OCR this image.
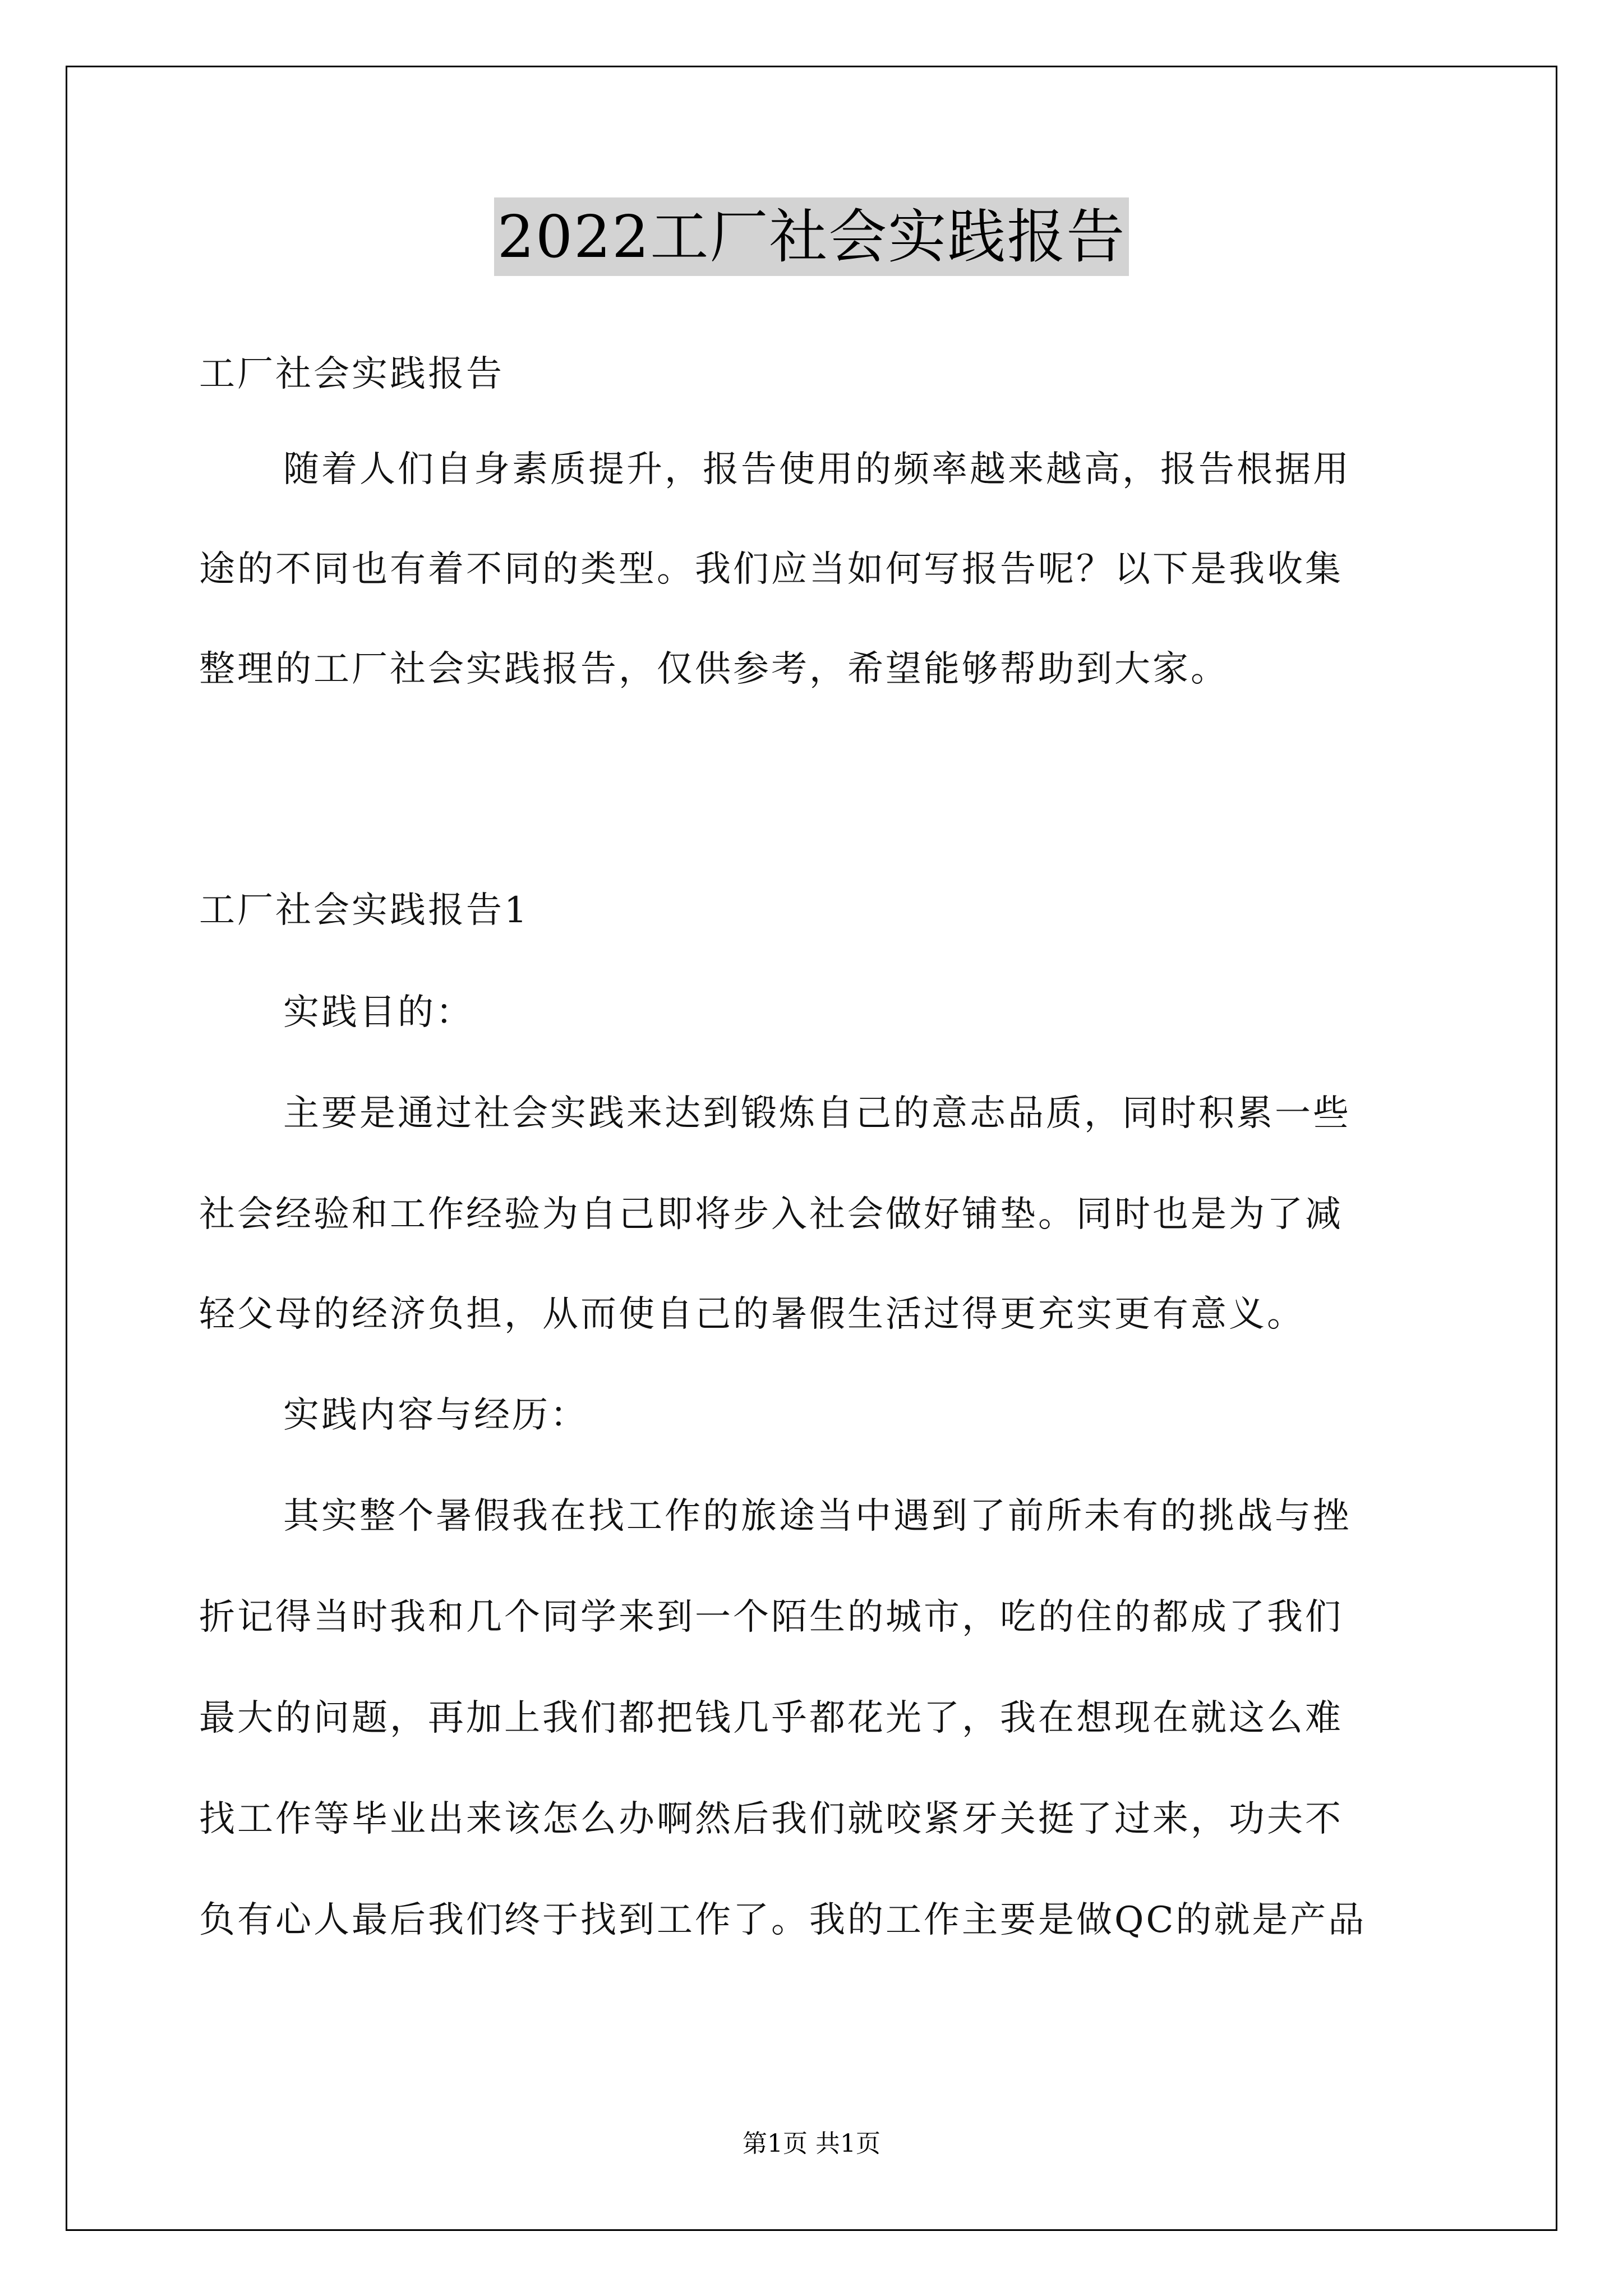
2022工厂社会实践报告
工厂社会实践报告
随着人们自身素质提升，报告使用的频率越来越高，报告根据用
途的不同也有着不同的类型。我们应当如何写报告呢？以下是我收集
整理的工厂社会实践报告，仅供参考，希望能够帮助到大家。
工厂社会实践报告1
实践目的：
主要是通过社会实践来达到锻炼自己的意志品质，同时积累一些
社会经验和工作经验为自己即将步入社会做好铺垫。同时也是为了减
轻父母的经济负担，从而使自己的暑假生活过得更充实更有意义。
实践内容与经历：
其实整个暑假我在找工作的旅途当中遇到了前所未有的挑战与挫
折记得当时我和几个同学来到一个陌生的城市，吃的住的都成了我们
最大的问题，再加上我们都把钱几乎都花光了，我在想现在就这么难
找工作等毕业出来该怎么办啊然后我们就咬紧牙关挺了过来，功夫不
负有心人最后我们终于找到工作了。我的工作主要是做QC的就是产品
第1页 共1页
